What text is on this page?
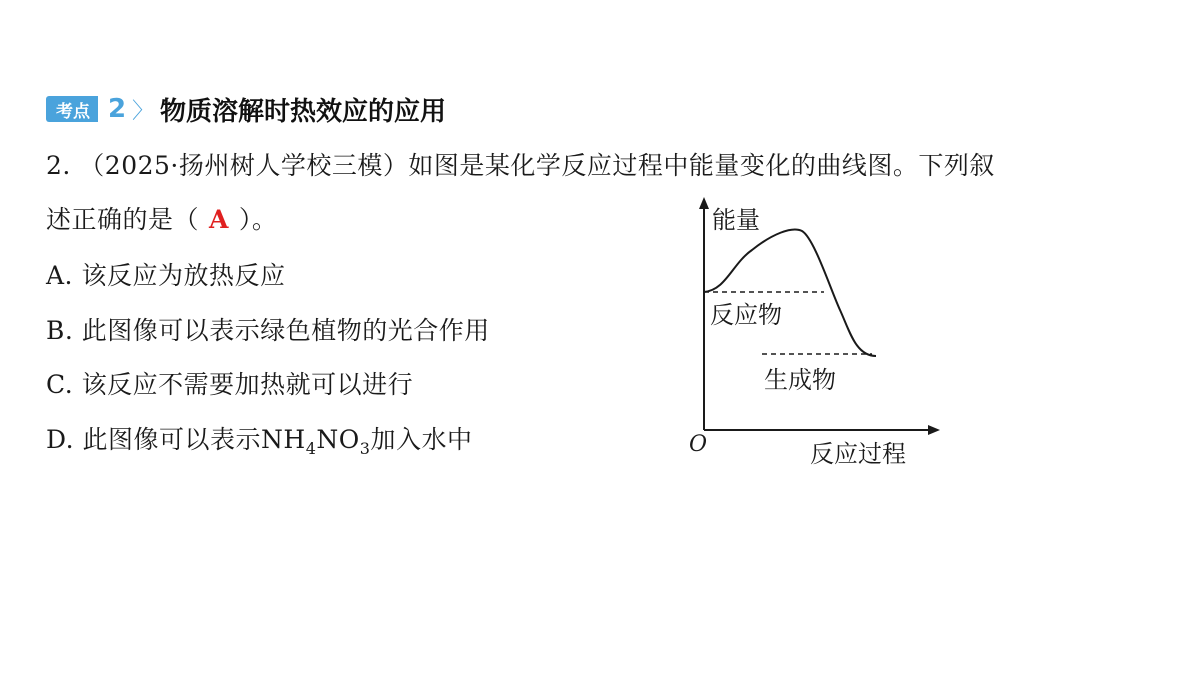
考点 2 〉 物质溶解时热效应的应用
2. （2025·扬州树人学校三模）如图是某化学反应过程中能量变化的曲线图。下列叙
述正确的是（ A ）。
A. 该反应为放热反应
B. 此图像可以表示绿色植物的光合作用
C. 该反应不需要加热就可以进行
D. 此图像可以表示$NH_4NO_3$加入水中
能量
O	反应过程
反应物
生成物
